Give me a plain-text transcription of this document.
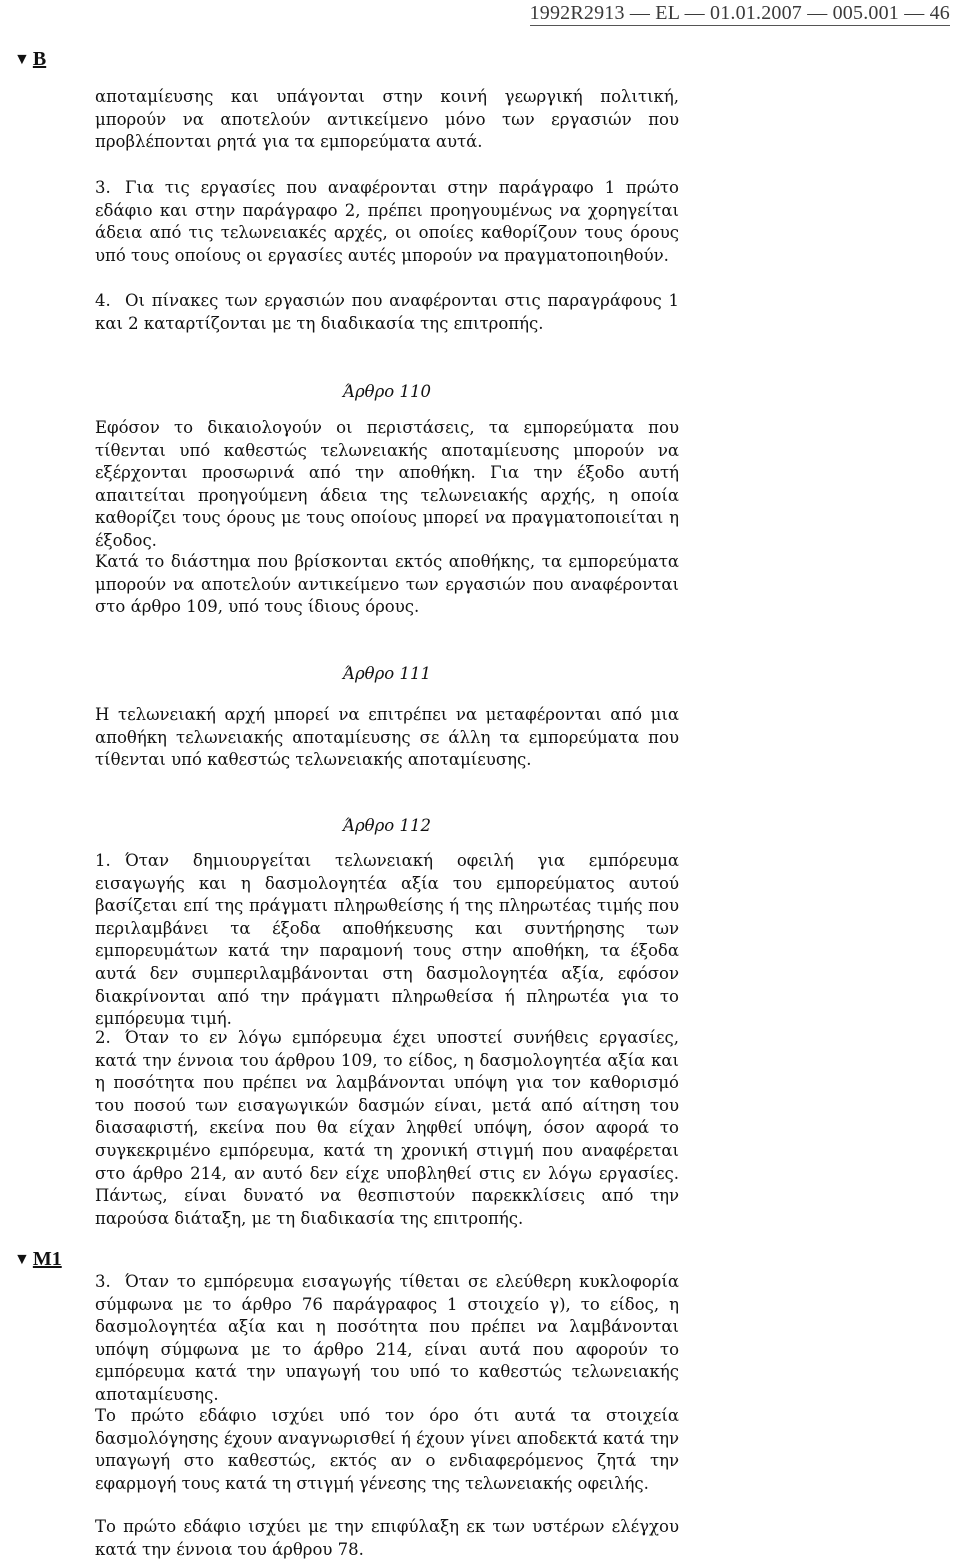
1992R2913 — EL — 01.01.2007 — 005.001 — 46
▼ B

αποταμίευσης και υπάγονται στην κοινή γεωργική πολιτική, μπορούν να αποτελούν αντικείμενο μόνο των εργασιών που προβλέπονται ρητά για τα εμπορεύματα αυτά.

3. Για τις εργασίες που αναφέρονται στην παράγραφο 1 πρώτο εδάφιο και στην παράγραφο 2, πρέπει προηγουμένως να χορηγείται άδεια από τις τελωνειακές αρχές, οι οποίες καθορίζουν τους όρους υπό τους οποίους οι εργασίες αυτές μπορούν να πραγματοποιηθούν.

4. Οι πίνακες των εργασιών που αναφέρονται στις παραγράφους 1 και 2 καταρτίζονται με τη διαδικασία της επιτροπής.

Άρθρο 110

Εφόσον το δικαιολογούν οι περιστάσεις, τα εμπορεύματα που τίθενται υπό καθεστώς τελωνειακής αποταμίευσης μπορούν να εξέρχονται προσωρινά από την αποθήκη. Για την έξοδο αυτή απαιτείται προηγούμενη άδεια της τελωνειακής αρχής, η οποία καθορίζει τους όρους με τους οποίους μπορεί να πραγματοποιείται η έξοδος.

Κατά το διάστημα που βρίσκονται εκτός αποθήκης, τα εμπορεύματα μπορούν να αποτελούν αντικείμενο των εργασιών που αναφέρονται στο άρθρο 109, υπό τους ίδιους όρους.

Άρθρο 111

Η τελωνειακή αρχή μπορεί να επιτρέπει να μεταφέρονται από μια αποθήκη τελωνειακής αποταμίευσης σε άλλη τα εμπορεύματα που τίθενται υπό καθεστώς τελωνειακής αποταμίευσης.

Άρθρο 112

1. Όταν δημιουργείται τελωνειακή οφειλή για εμπόρευμα εισαγωγής και η δασμολογητέα αξία του εμπορεύματος αυτού βασίζεται επί της πράγματι πληρωθείσης ή της πληρωτέας τιμής που περιλαμβάνει τα έξοδα αποθήκευσης και συντήρησης των εμπορευμάτων κατά την παραμονή τους στην αποθήκη, τα έξοδα αυτά δεν συμπεριλαμβάνονται στη δασμολογητέα αξία, εφόσον διακρίνονται από την πράγματι πληρωθείσα ή πληρωτέα για το εμπόρευμα τιμή.

2. Όταν το εν λόγω εμπόρευμα έχει υποστεί συνήθεις εργασίες, κατά την έννοια του άρθρου 109, το είδος, η δασμολογητέα αξία και η ποσότητα που πρέπει να λαμβάνονται υπόψη για τον καθορισμό του ποσού των εισαγωγικών δασμών είναι, μετά από αίτηση του διασαφιστή, εκείνα που θα είχαν ληφθεί υπόψη, όσον αφορά το συγκεκριμένο εμπόρευμα, κατά τη χρονική στιγμή που αναφέρεται στο άρθρο 214, αν αυτό δεν είχε υποβληθεί στις εν λόγω εργασίες. Πάντως, είναι δυνατό να θεσπιστούν παρεκκλίσεις από την παρούσα διάταξη, με τη διαδικασία της επιτροπής.

▼ M1

3. Όταν το εμπόρευμα εισαγωγής τίθεται σε ελεύθερη κυκλοφορία σύμφωνα με το άρθρο 76 παράγραφος 1 στοιχείο γ), το είδος, η δασμολογητέα αξία και η ποσότητα που πρέπει να λαμβάνονται υπόψη σύμφωνα με το άρθρο 214, είναι αυτά που αφορούν το εμπόρευμα κατά την υπαγωγή του υπό το καθεστώς τελωνειακής αποταμίευσης.

Το πρώτο εδάφιο ισχύει υπό τον όρο ότι αυτά τα στοιχεία δασμολόγησης έχουν αναγνωρισθεί ή έχουν γίνει αποδεκτά κατά την υπαγωγή στο καθεστώς, εκτός αν ο ενδιαφερόμενος ζητά την εφαρμογή τους κατά τη στιγμή γένεσης της τελωνειακής οφειλής.

Το πρώτο εδάφιο ισχύει με την επιφύλαξη εκ των υστέρων ελέγχου κατά την έννοια του άρθρου 78.
